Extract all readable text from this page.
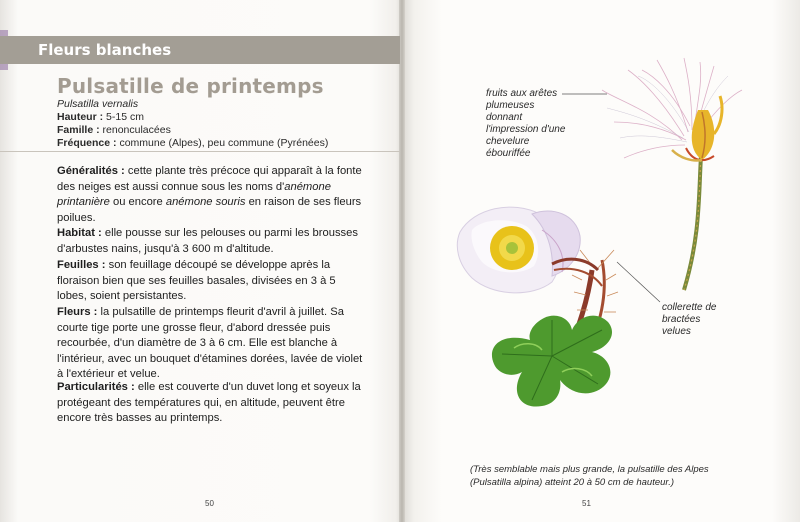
Fleurs blanches
Pulsatille de printemps
Pulsatilla vernalis
Hauteur : 5-15 cm
Famille : renonculacées
Fréquence : commune (Alpes), peu commune (Pyrénées)

Généralités : cette plante très précoce qui apparaît à la fonte des neiges est aussi connue sous les noms d'anémone printanière ou encore anémone souris en raison de ses fleurs poilues.

Habitat : elle pousse sur les pelouses ou parmi les brousses d'arbustes nains, jusqu'à 3 600 m d'altitude.

Feuilles : son feuillage découpé se développe après la floraison bien que ses feuilles basales, divisées en 3 à 5 lobes, soient persistantes.

Fleurs : la pulsatille de printemps fleurit d'avril à juillet. Sa courte tige porte une grosse fleur, d'abord dressée puis recourbée, d'un diamètre de 3 à 6 cm. Elle est blanche à l'intérieur, avec un bouquet d'étamines dorées, lavée de violet à l'extérieur et velue.

Particularités : elle est couverte d'un duvet long et soyeux la protégeant des températures qui, en altitude, peuvent être encore très basses au printemps.

50	51
fruits aux arêtes plumeuses donnant l'impression d'une chevelure ébouriffée
collerette de bractées velues
(Très semblable mais plus grande, la pulsatille des Alpes (Pulsatilla alpina) atteint 20 à 50 cm de hauteur.)
